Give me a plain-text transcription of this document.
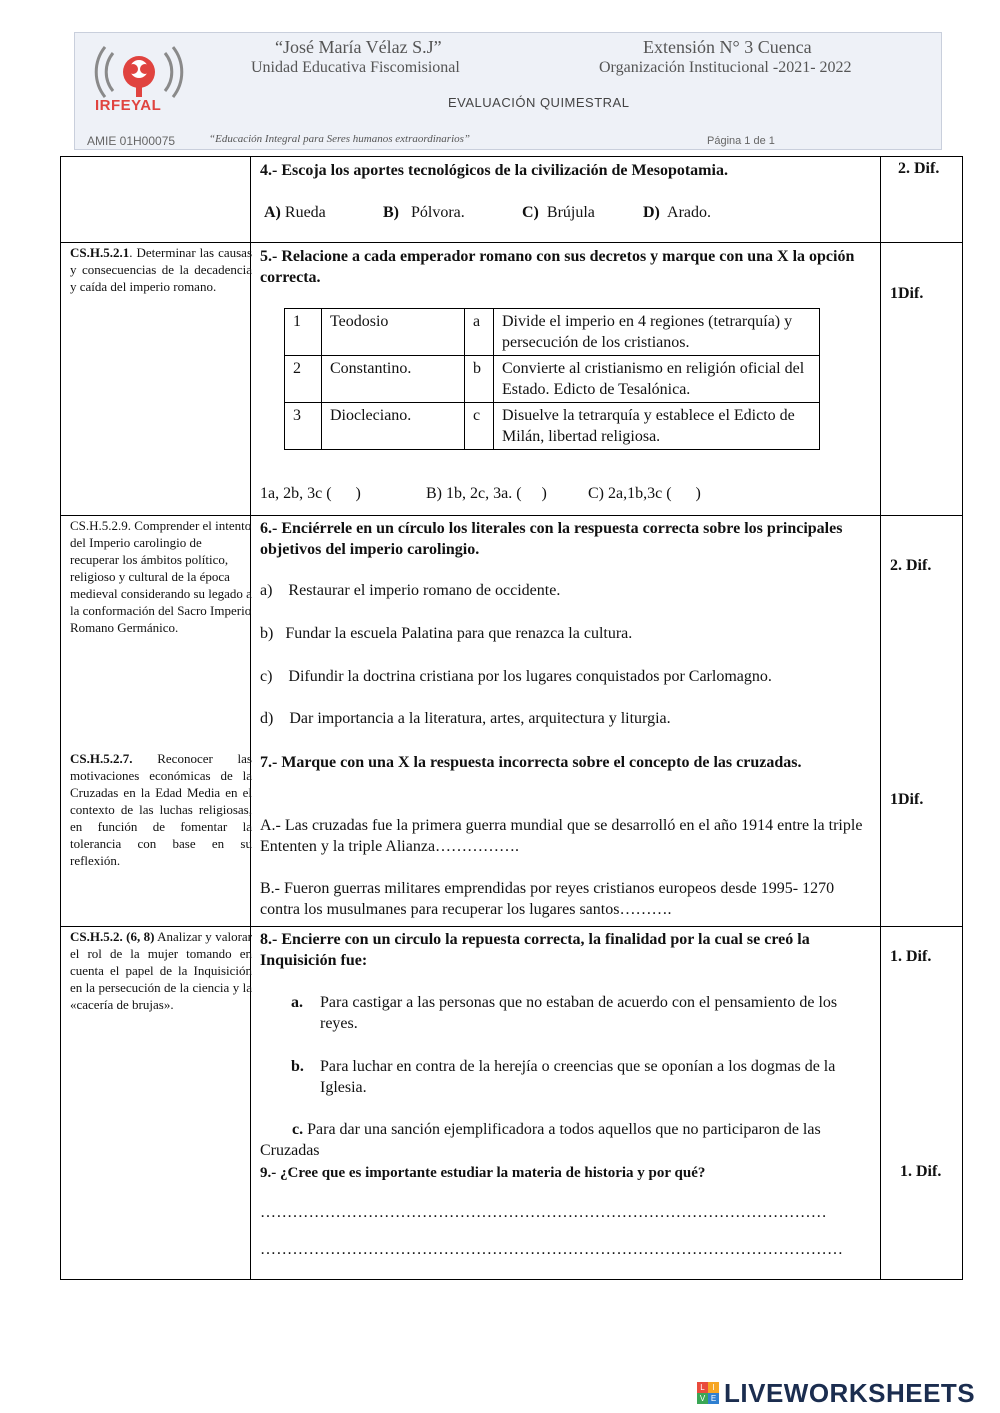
IRFEYAL
“José María Vélaz S.J”
Unidad Educativa Fiscomisional
Extensión N° 3 Cuenca
Organización Institucional -2021- 2022
EVALUACIÓN QUIMESTRAL
AMIE 01H00075	“Educación Integral para Seres humanos extraordinarios”	Página 1 de 1
4.- Escoja los aportes tecnológicos de la civilización de Mesopotamia.
A) Rueda	B) Pólvora.	C) Brújula	D) Arado.
2. Dif.
CS.H.5.2.1. Determinar las causas y consecuencias de la decadencia y caída del imperio romano.
5.- Relacione a cada emperador romano con sus decretos y marque con una X la opción correcta.
1	Teodosio	a	Divide el imperio en 4 regiones (tetrarquía) y persecución de los cristianos.
2	Constantino.	b	Convierte al cristianismo en religión oficial del Estado. Edicto de Tesalónica.
3	Diocleciano.	c	Disuelve la tetrarquía y establece el Edicto de Milán, libertad religiosa.
1a, 2b, 3c (      )	B) 1b, 2c, 3a. (     )	C) 2a,1b,3c (      )
1Dif.
CS.H.5.2.9. Comprender el intento del Imperio carolingio de recuperar los ámbitos político, religioso y cultural de la época medieval considerando su legado a la conformación del Sacro Imperio Romano Germánico.
6.- Enciérrele en un círculo los literales con la respuesta correcta sobre los principales objetivos del imperio carolingio.
a)    Restaurar el imperio romano de occidente.
b)   Fundar la escuela Palatina para que renazca la cultura.
c)    Difundir la doctrina cristiana por los lugares conquistados por Carlomagno.
d)    Dar importancia a la literatura, artes, arquitectura y liturgia.
2. Dif.
CS.H.5.2.7. Reconocer las motivaciones económicas de la Cruzadas en la Edad Media en el contexto de las luchas religiosas, en función de fomentar la tolerancia con base en su reflexión.
7.- Marque con una X la respuesta incorrecta sobre el concepto de las cruzadas.
A.- Las cruzadas fue la primera guerra mundial que se desarrolló en el año 1914 entre la triple Ententen y la triple Alianza…………….
B.- Fueron guerras militares emprendidas por reyes cristianos europeos desde 1995- 1270 contra los musulmanes para recuperar los lugares santos……….
1Dif.
CS.H.5.2. (6, 8) Analizar y valorar el rol de la mujer tomando en cuenta el papel de la Inquisición en la persecución de la ciencia y la «cacería de brujas».
8.- Encierre con un circulo la repuesta correcta, la finalidad por la cual se creó la Inquisición fue:
a. Para castigar a las personas que no estaban de acuerdo con el pensamiento de los reyes.
b. Para luchar en contra de la herejía o creencias que se oponían a los dogmas de la Iglesia.
c. Para dar una sanción ejemplificadora a todos aquellos que no participaron de las Cruzadas
1. Dif.
9.- ¿Cree que es importante estudiar la materia de historia y por qué?
……………………………………………………………………………………………
………………………………………………………………………………………………
1. Dif.
L I
V E LIVEWORKSHEETS
